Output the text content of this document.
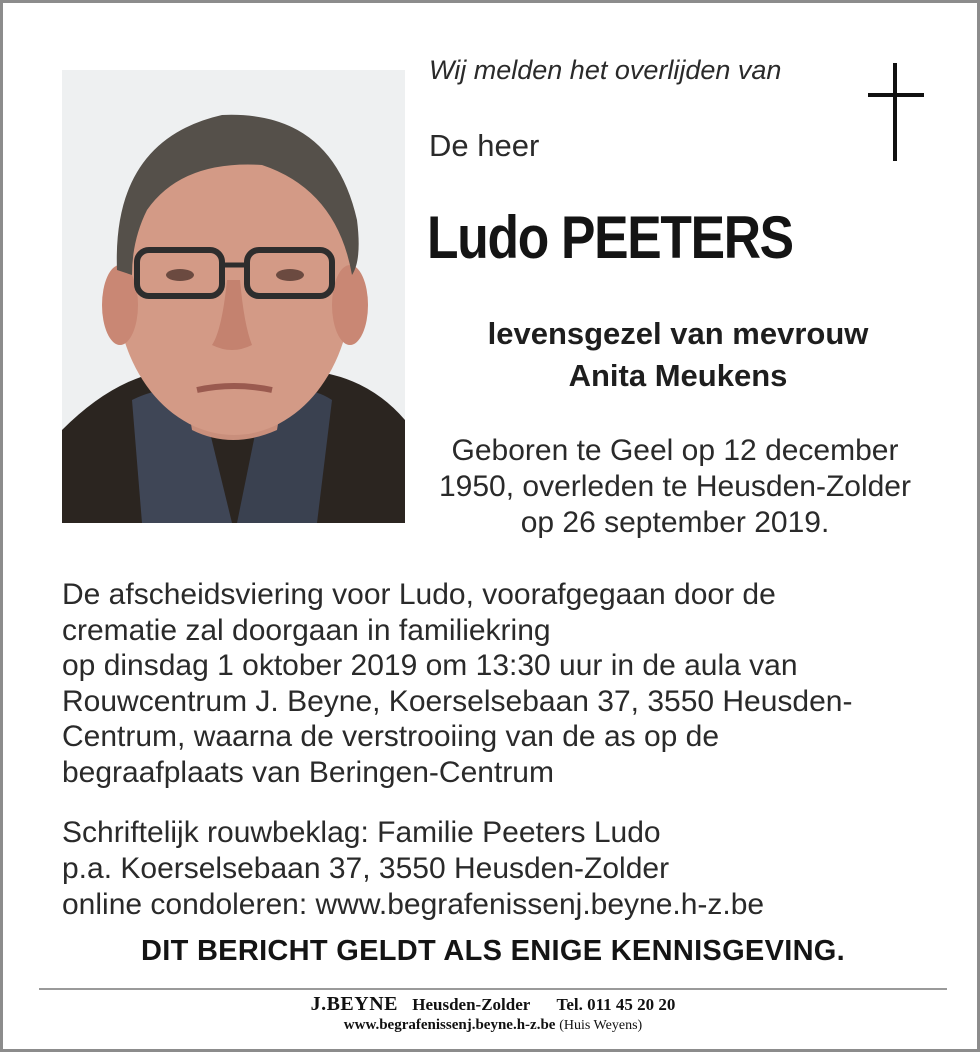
Wij melden het overlijden van
De heer
Ludo PEETERS
levensgezel van mevrouw
Anita Meukens
Geboren te Geel op 12 december
1950, overleden te Heusden-Zolder
op 26 september 2019.
De afscheidsviering voor Ludo, voorafgegaan door de
crematie zal doorgaan in familiekring
op dinsdag 1 oktober 2019 om 13:30 uur in de aula van
Rouwcentrum J. Beyne, Koerselsebaan 37, 3550 Heusden-
Centrum, waarna de verstrooiing van de as op de
begraafplaats van Beringen-Centrum
Schriftelijk rouwbeklag: Familie Peeters Ludo
p.a. Koerselsebaan 37, 3550 Heusden-Zolder
online condoleren: www.begrafenissenj.beyne.h-z.be
DIT BERICHT GELDT ALS ENIGE KENNISGEVING.
J.BEYNE Heusden-Zolder Tel. 011 45 20 20
www.begrafenissenj.beyne.h-z.be (Huis Weyens)
